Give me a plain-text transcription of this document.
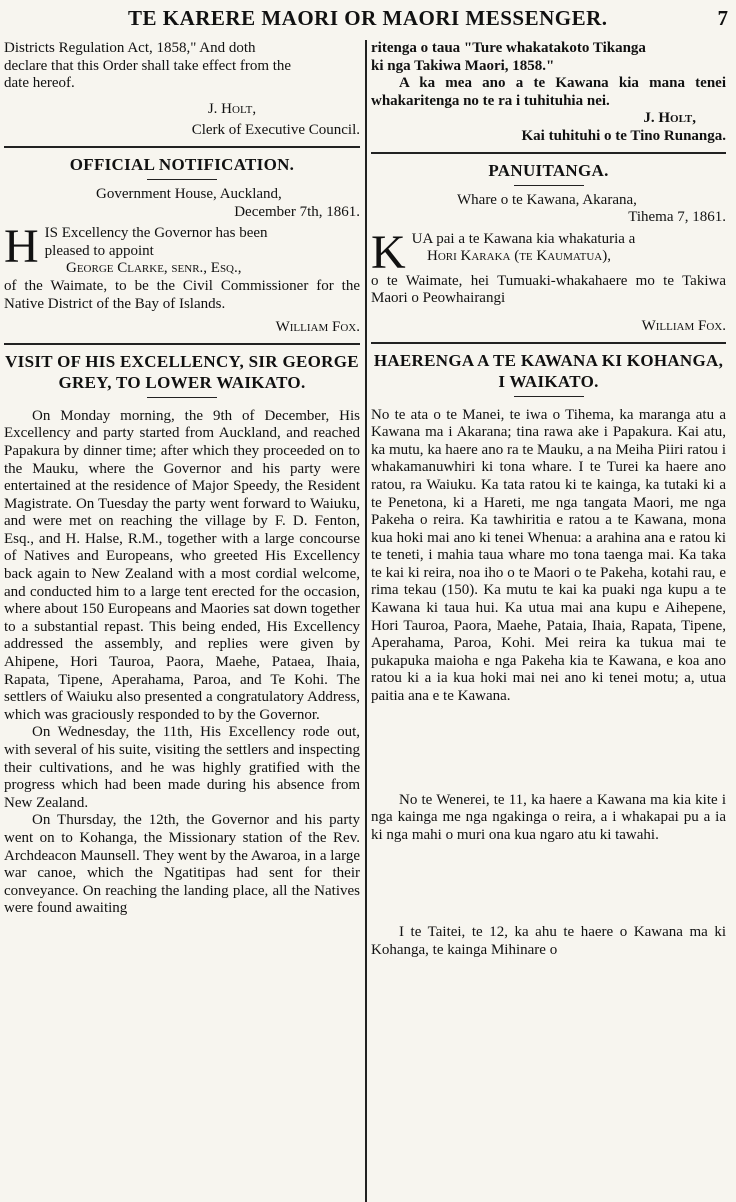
TE KARERE MAORI OR MAORI MESSENGER.	7

Districts Regulation Act, 1858," And doth

declare that this Order shall take effect from the

date hereof.

J. Holt,

Clerk of Executive Council.

OFFICIAL NOTIFICATION.

Government House, Auckland,

December 7th, 1861.

H IS Excellency the Governor has been

pleased to appoint

George Clarke, senr., Esq.,

of the Waimate, to be the Civil Commissioner for the Native District of the Bay of Islands.

William Fox.

VISIT OF HIS EXCELLENCY, SIR GEORGE GREY, TO LOWER WAIKATO.

On Monday morning, the 9th of December, His Excellency and party started from Auckland, and reached Papakura by dinner time; after which they proceeded on to the Mauku, where the Governor and his party were entertained at the residence of Major Speedy, the Resident Magistrate. On Tuesday the party went forward to Waiuku, and were met on reaching the village by F. D. Fenton, Esq., and H. Halse, R.M., together with a large concourse of Natives and Europeans, who greeted His Excellency back again to New Zealand with a most cordial welcome, and conducted him to a large tent erected for the occasion, where about 150 Europeans and Maories sat down together to a substantial repast. This being ended, His Excellency addressed the assembly, and replies were given by Ahipene, Hori Tauroa, Paora, Maehe, Pataea, Ihaia, Rapata, Tipene, Aperahama, Paroa, and Te Kohi. The settlers of Waiuku also presented a congratulatory Address, which was graciously responded to by the Governor.

On Wednesday, the 11th, His Excellency rode out, with several of his suite, visiting the settlers and inspecting their cultivations, and he was highly gratified with the progress which had been made during his absence from New Zealand.

On Thursday, the 12th, the Governor and his party went on to Kohanga, the Missionary station of the Rev. Archdeacon Maunsell. They went by the Awaroa, in a large war canoe, which the Ngatitipas had sent for their conveyance. On reaching the landing place, all the Natives were found awaiting

ritenga o taua "Ture whakatakoto Tikanga

ki nga Takiwa Maori, 1858."

A ka mea ano a te Kawana kia mana tenei whakaritenga no te ra i tuhituhia nei.

J. Holt,

Kai tuhituhi o te Tino Runanga.

PANUITANGA.

Whare o te Kawana, Akarana,

Tihema 7, 1861.

K UA pai a te Kawana kia whakaturia a

Hori Karaka (te Kaumatua),

o te Waimate, hei Tumuaki-whakahaere mo te Takiwa Maori o Peowhairangi

William Fox.

HAERENGA A TE KAWANA KI KOHANGA, I WAIKATO.

No te ata o te Manei, te iwa o Tihema, ka maranga atu a Kawana ma i Akarana; tina rawa ake i Papakura. Kai atu, ka mutu, ka haere ano ra te Mauku, a na Meiha Piiri ratou i whakamanuwhiri ki tona whare. I te Turei ka haere ano ratou, ra Waiuku. Ka tata ratou ki te kainga, ka tutaki ki a te Penetona, ki a Hareti, me nga tangata Maori, me nga Pakeha o reira. Ka tawhiritia e ratou a te Kawana, mona kua hoki mai ano ki tenei Whenua: a arahina ana e ratou ki te teneti, i mahia taua whare mo tona taenga mai. Ka taka te kai ki reira, noa iho o te Maori o te Pakeha, kotahi rau, e rima tekau (150). Ka mutu te kai ka puaki nga kupu a te Kawana ki taua hui. Ka utua mai ana kupu e Aihepene, Hori Tauroa, Paora, Maehe, Pataia, Ihaia, Rapata, Tipene, Aperahama, Paroa, Kohi. Mei reira ka tukua mai te pukapuka maioha e nga Pakeha kia te Kawana, e koa ano ratou ki a ia kua hoki mai nei ano ki tenei motu; a, utua paitia ana e te Kawana.

No te Wenerei, te 11, ka haere a Kawana ma kia kite i nga kainga me nga ngakinga o reira, a i whakapai pu a ia ki nga mahi o muri ona kua ngaro atu ki tawahi.

I te Taitei, te 12, ka ahu te haere o Kawana ma ki Kohanga, te kainga Mihinare o
